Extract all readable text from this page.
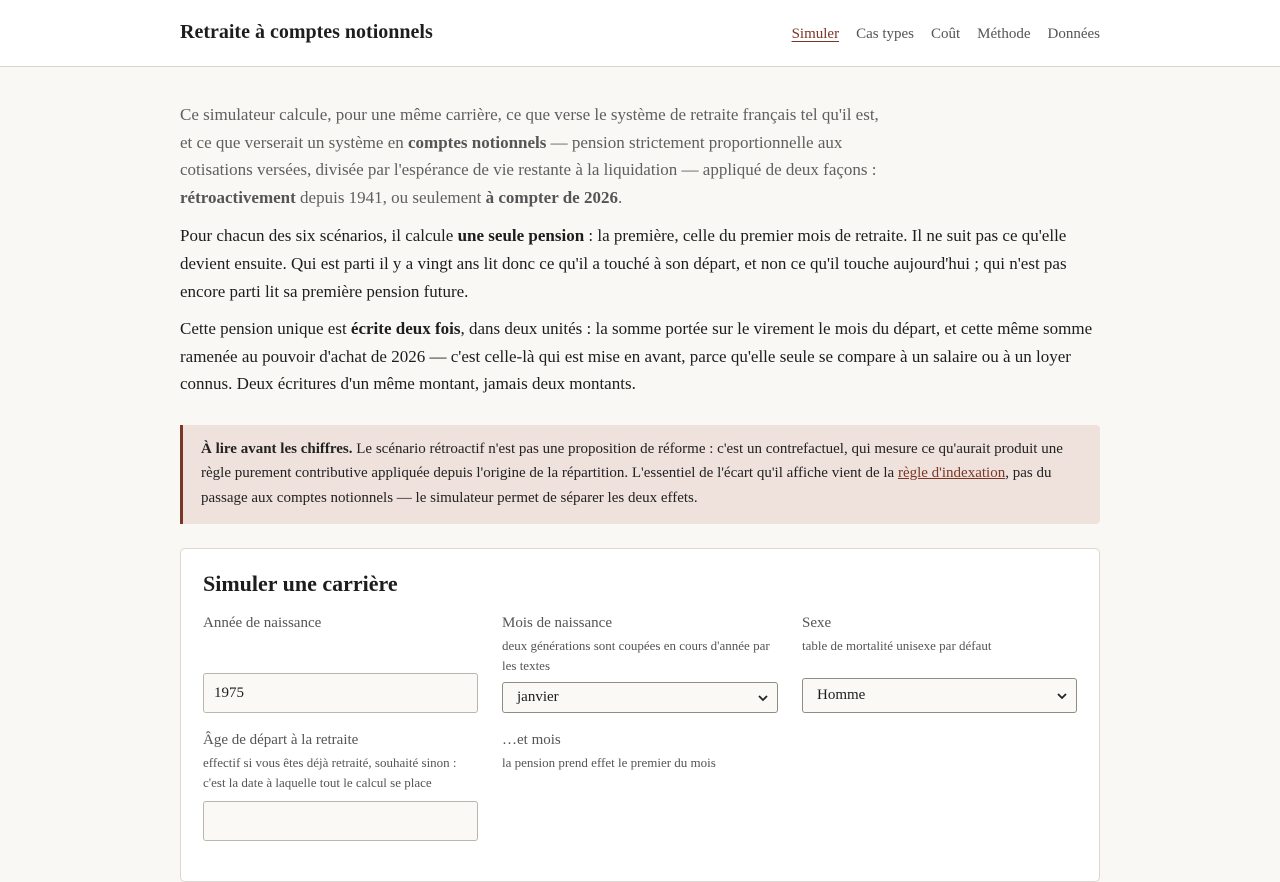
Retraite à comptes notionnels	Simuler Cas types Coût Méthode Données

Ce simulateur calcule, pour une même carrière, ce que verse le système de retraite français tel qu'il est, et ce que verserait un système en comptes notionnels — pension strictement proportionnelle aux cotisations versées, divisée par l'espérance de vie restante à la liquidation — appliqué de deux façons : rétroactivement depuis 1941, ou seulement à compter de 2026.

Pour chacun des six scénarios, il calcule une seule pension : la première, celle du premier mois de retraite. Il ne suit pas ce qu'elle devient ensuite. Qui est parti il y a vingt ans lit donc ce qu'il a touché à son départ, et non ce qu'il touche aujourd'hui ; qui n'est pas encore parti lit sa première pension future.

Cette pension unique est écrite deux fois, dans deux unités : la somme portée sur le virement le mois du départ, et cette même somme ramenée au pouvoir d'achat de 2026 — c'est celle-là qui est mise en avant, parce qu'elle seule se compare à un salaire ou à un loyer connus. Deux écritures d'un même montant, jamais deux montants.

À lire avant les chiffres. Le scénario rétroactif n'est pas une proposition de réforme : c'est un contrefactuel, qui mesure ce qu'aurait produit une règle purement contributive appliquée depuis l'origine de la répartition. L'essentiel de l'écart qu'il affiche vient de la règle d'indexation, pas du passage aux comptes notionnels — le simulateur permet de séparer les deux effets.
Simuler une carrière
Année de naissance
1975
Mois de naissance
deux générations sont coupées en cours d'année par les textes
janvier
Sexe
table de mortalité unisexe par défaut
Homme
Âge de départ à la retraite
effectif si vous êtes déjà retraité, souhaité sinon : c'est la date à laquelle tout le calcul se place
…et mois
la pension prend effet le premier du mois
